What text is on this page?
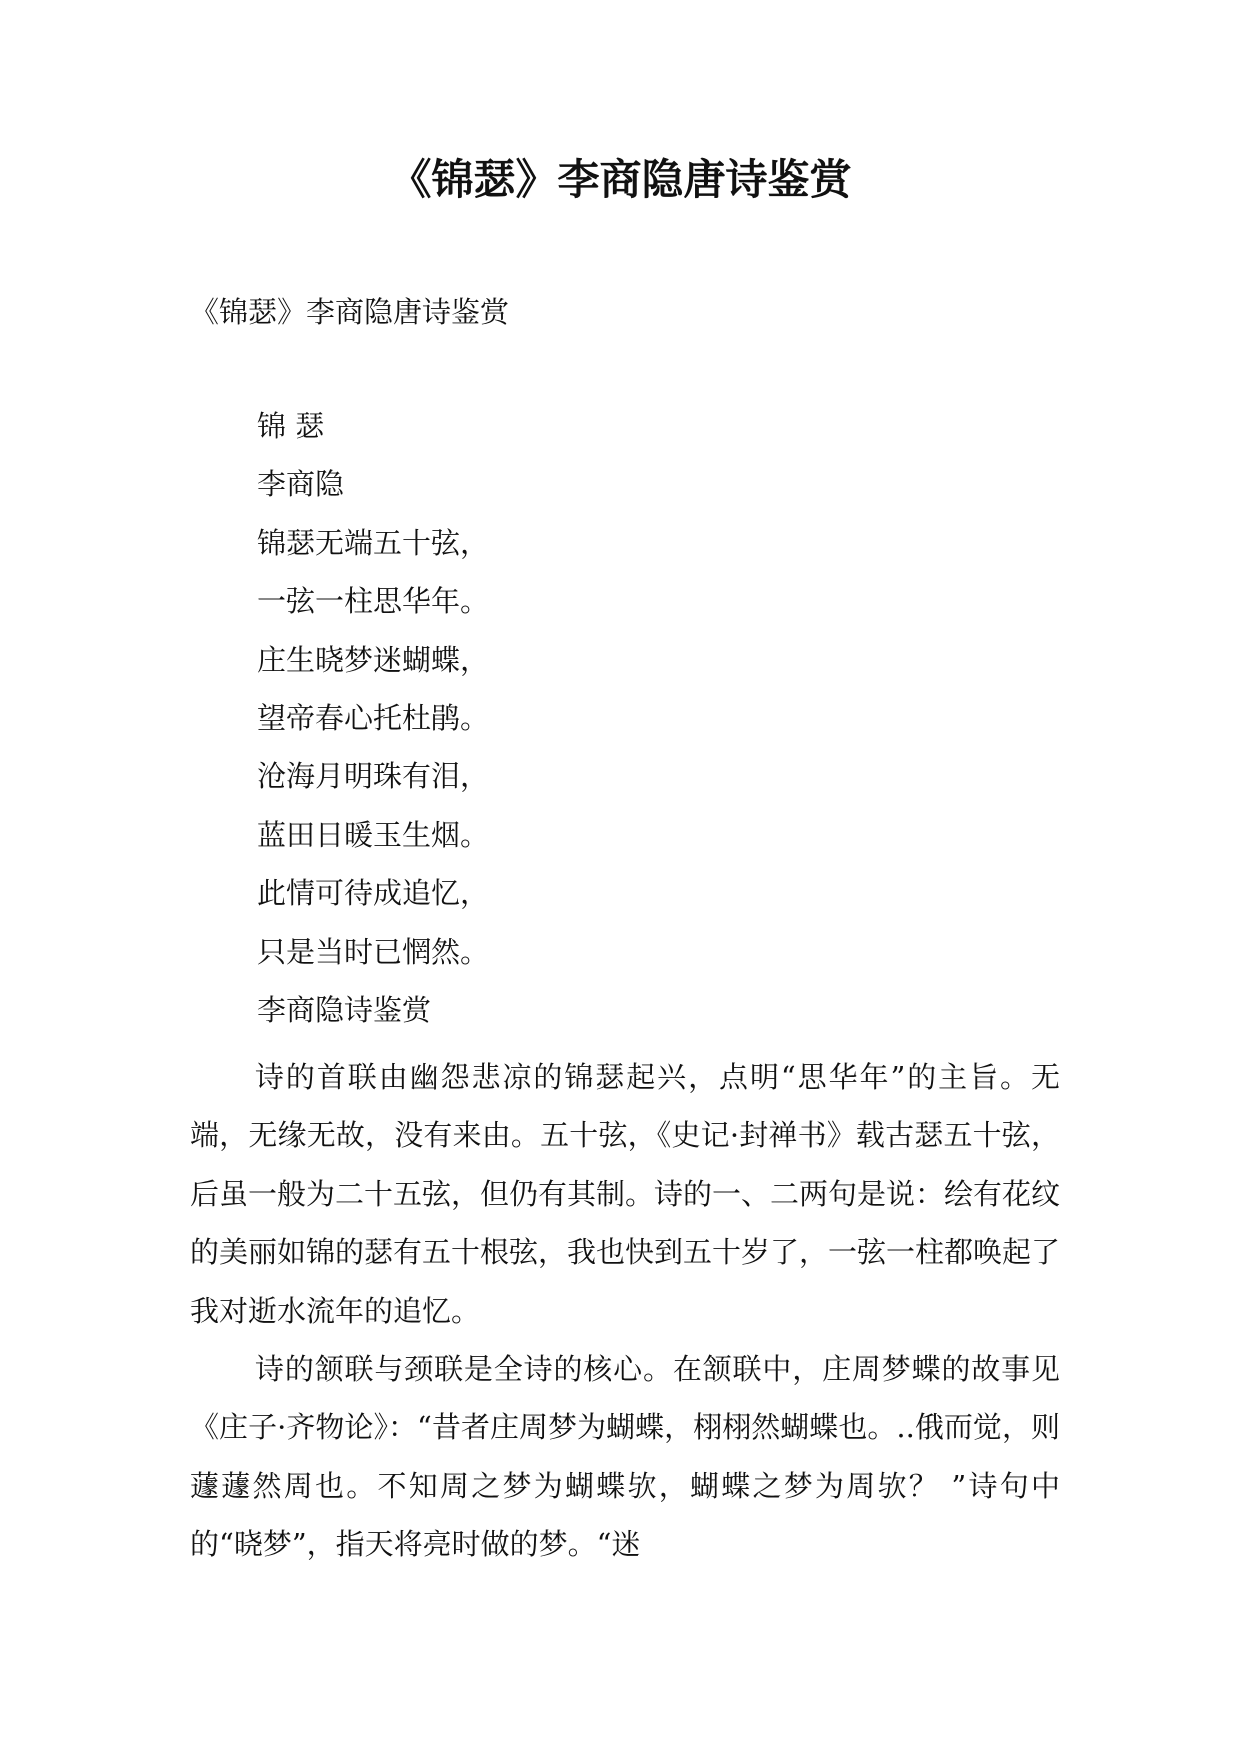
《锦瑟》李商隐唐诗鉴赏

《锦瑟》李商隐唐诗鉴赏

锦 瑟
李商隐
锦瑟无端五十弦，
一弦一柱思华年。
庄生晓梦迷蝴蝶，
望帝春心托杜鹃。
沧海月明珠有泪，
蓝田日暖玉生烟。
此情可待成追忆，
只是当时已惘然。
李商隐诗鉴赏

诗的首联由幽怨悲凉的锦瑟起兴，点明“思华年”的主旨。无端，无缘无故，没有来由。五十弦，《史记·封禅书》载古瑟五十弦，后虽一般为二十五弦，但仍有其制。诗的一、二两句是说：绘有花纹的美丽如锦的瑟有五十根弦，我也快到五十岁了，一弦一柱都唤起了我对逝水流年的追忆。

诗的颔联与颈联是全诗的核心。在颔联中，庄周梦蝶的故事见《庄子·齐物论》：“昔者庄周梦为蝴蝶，栩栩然蝴蝶也。..俄而觉，则蘧蘧然周也。不知周之梦为蝴蝶欤，蝴蝶之梦为周欤？ ”诗句中的“晓梦”，指天将亮时做的梦。“迷
